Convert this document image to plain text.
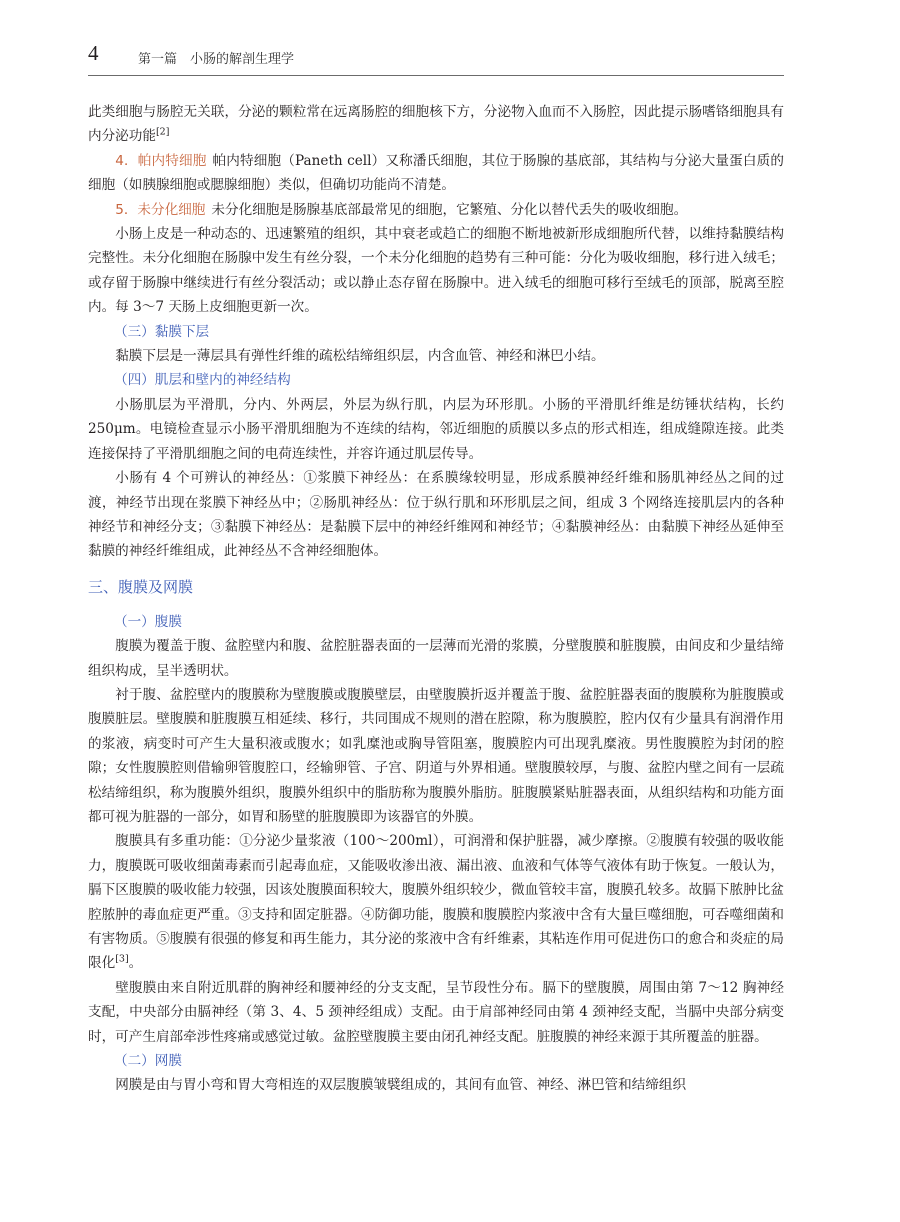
4	第一篇　小肠的解剖生理学

此类细胞与肠腔无关联，分泌的颗粒常在远离肠腔的细胞核下方，分泌物入血而不入肠腔，因此提示肠嗜铬细胞具有内分泌功能[2]

4．帕内特细胞 帕内特细胞（Paneth cell）又称潘氏细胞，其位于肠腺的基底部，其结构与分泌大量蛋白质的细胞（如胰腺细胞或腮腺细胞）类似，但确切功能尚不清楚。

5．未分化细胞 未分化细胞是肠腺基底部最常见的细胞，它繁殖、分化以替代丢失的吸收细胞。

小肠上皮是一种动态的、迅速繁殖的组织，其中衰老或趋亡的细胞不断地被新形成细胞所代替，以维持黏膜结构完整性。未分化细胞在肠腺中发生有丝分裂，一个未分化细胞的趋势有三种可能：分化为吸收细胞，移行进入绒毛；或存留于肠腺中继续进行有丝分裂活动；或以静止态存留在肠腺中。进入绒毛的细胞可移行至绒毛的顶部，脱离至腔内。每 3～7 天肠上皮细胞更新一次。

（三）黏膜下层

黏膜下层是一薄层具有弹性纤维的疏松结缔组织层，内含血管、神经和淋巴小结。

（四）肌层和壁内的神经结构

小肠肌层为平滑肌，分内、外两层，外层为纵行肌，内层为环形肌。小肠的平滑肌纤维是纺锤状结构，长约 250μm。电镜检查显示小肠平滑肌细胞为不连续的结构，邻近细胞的质膜以多点的形式相连，组成缝隙连接。此类连接保持了平滑肌细胞之间的电荷连续性，并容许通过肌层传导。

小肠有 4 个可辨认的神经丛：①浆膜下神经丛：在系膜缘较明显，形成系膜神经纤维和肠肌神经丛之间的过渡，神经节出现在浆膜下神经丛中；②肠肌神经丛：位于纵行肌和环形肌层之间，组成 3 个网络连接肌层内的各种神经节和神经分支；③黏膜下神经丛：是黏膜下层中的神经纤维网和神经节；④黏膜神经丛：由黏膜下神经丛延伸至黏膜的神经纤维组成，此神经丛不含神经细胞体。

三、腹膜及网膜
（一）腹膜

腹膜为覆盖于腹、盆腔壁内和腹、盆腔脏器表面的一层薄而光滑的浆膜，分壁腹膜和脏腹膜，由间皮和少量结缔组织构成，呈半透明状。

衬于腹、盆腔壁内的腹膜称为壁腹膜或腹膜壁层，由壁腹膜折返并覆盖于腹、盆腔脏器表面的腹膜称为脏腹膜或腹膜脏层。壁腹膜和脏腹膜互相延续、移行，共同围成不规则的潜在腔隙，称为腹膜腔，腔内仅有少量具有润滑作用的浆液，病变时可产生大量积液或腹水；如乳糜池或胸导管阻塞，腹膜腔内可出现乳糜液。男性腹膜腔为封闭的腔隙；女性腹膜腔则借输卵管腹腔口，经输卵管、子宫、阴道与外界相通。壁腹膜较厚，与腹、盆腔内壁之间有一层疏松结缔组织，称为腹膜外组织，腹膜外组织中的脂肪称为腹膜外脂肪。脏腹膜紧贴脏器表面，从组织结构和功能方面都可视为脏器的一部分，如胃和肠壁的脏腹膜即为该器官的外膜。

腹膜具有多重功能：①分泌少量浆液（100～200ml），可润滑和保护脏器，减少摩擦。②腹膜有较强的吸收能力，腹膜既可吸收细菌毒素而引起毒血症，又能吸收渗出液、漏出液、血液和气体等气液体有助于恢复。一般认为，膈下区腹膜的吸收能力较强，因该处腹膜面积较大，腹膜外组织较少，微血管较丰富，腹膜孔较多。故膈下脓肿比盆腔脓肿的毒血症更严重。③支持和固定脏器。④防御功能，腹膜和腹膜腔内浆液中含有大量巨噬细胞，可吞噬细菌和有害物质。⑤腹膜有很强的修复和再生能力，其分泌的浆液中含有纤维素，其粘连作用可促进伤口的愈合和炎症的局限化[3]。

壁腹膜由来自附近肌群的胸神经和腰神经的分支支配，呈节段性分布。膈下的壁腹膜，周围由第 7～12 胸神经支配，中央部分由膈神经（第 3、4、5 颈神经组成）支配。由于肩部神经同由第 4 颈神经支配，当膈中央部分病变时，可产生肩部牵涉性疼痛或感觉过敏。盆腔壁腹膜主要由闭孔神经支配。脏腹膜的神经来源于其所覆盖的脏器。

（二）网膜

网膜是由与胃小弯和胃大弯相连的双层腹膜皱襞组成的，其间有血管、神经、淋巴管和结缔组织
